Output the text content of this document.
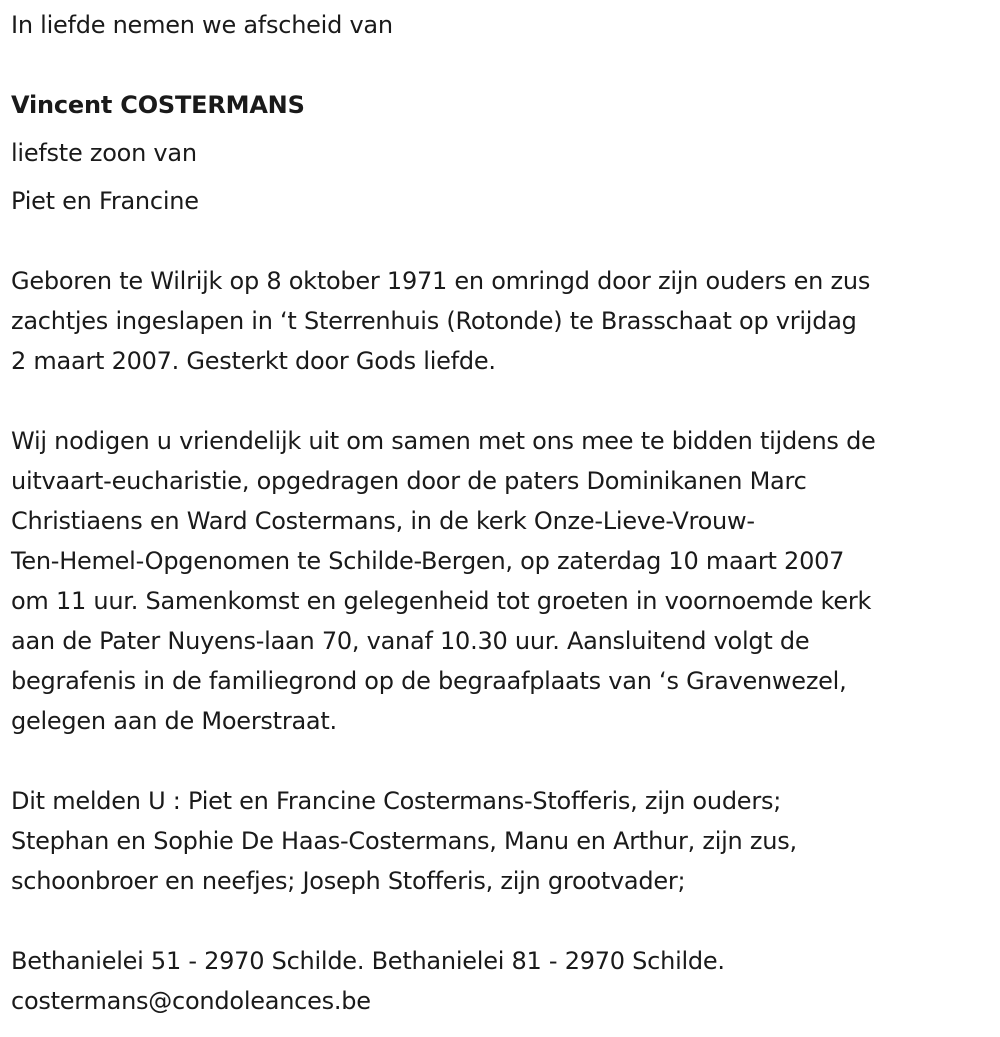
In liefde nemen we afscheid van
Vincent COSTERMANS
liefste zoon van
Piet en Francine
Geboren te Wilrijk op 8 oktober 1971 en omringd door zijn ouders en zus
zachtjes ingeslapen in ‘t Sterrenhuis (Rotonde) te Brasschaat op vrijdag
2 maart 2007. Gesterkt door Gods liefde.
Wij nodigen u vriendelijk uit om samen met ons mee te bidden tijdens de
uitvaart-eucharistie, opgedragen door de paters Dominikanen Marc
Christiaens en Ward Costermans, in de kerk Onze-Lieve-Vrouw-
Ten-Hemel-Opgenomen te Schilde-Bergen, op zaterdag 10 maart 2007
om 11 uur. Samenkomst en gelegenheid tot groeten in voornoemde kerk
aan de Pater Nuyens-laan 70, vanaf 10.30 uur. Aansluitend volgt de
begrafenis in de familiegrond op de begraafplaats van ‘s Gravenwezel,
gelegen aan de Moerstraat.
Dit melden U : Piet en Francine Costermans-Stofferis, zijn ouders;
Stephan en Sophie De Haas-Costermans, Manu en Arthur, zijn zus,
schoonbroer en neefjes; Joseph Stofferis, zijn grootvader;
Bethanielei 51 - 2970 Schilde. Bethanielei 81 - 2970 Schilde.
costermans@condoleances.be
